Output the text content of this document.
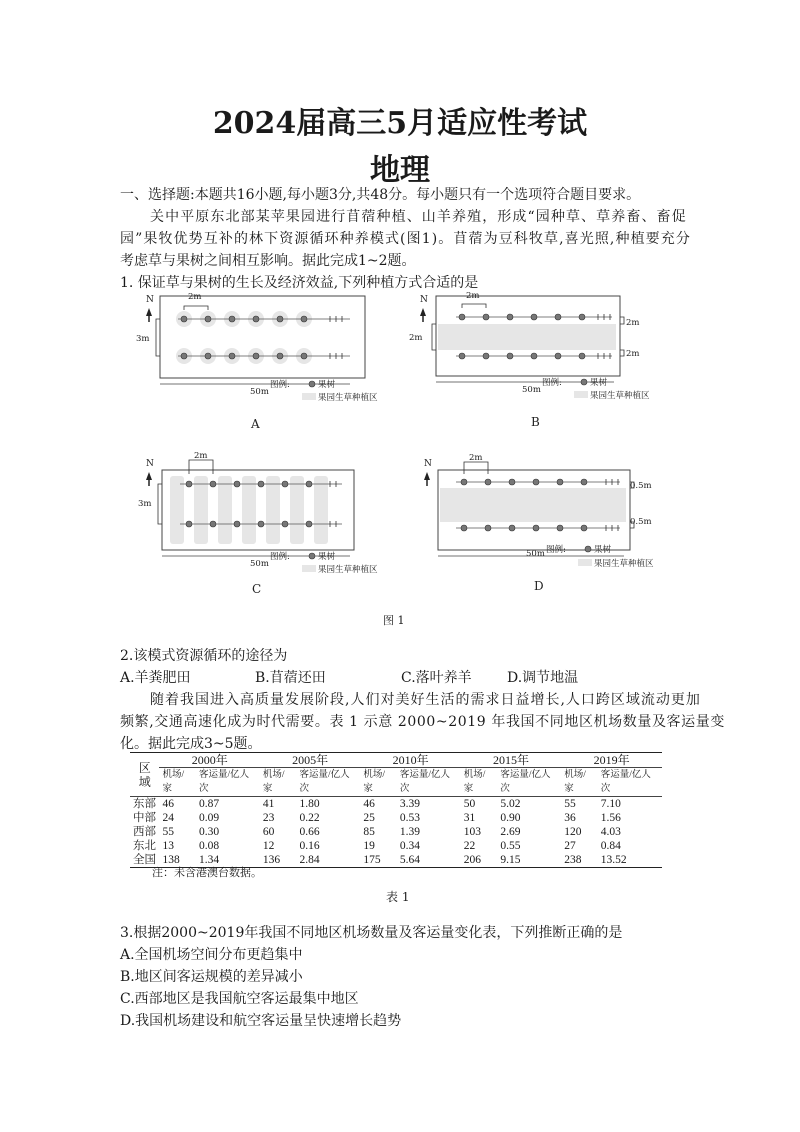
2024届高三5月适应性考试
地理
一、选择题:本题共16小题,每小题3分,共48分。每小题只有一个选项符合题目要求。
关中平原东北部某苹果园进行苜蓿种植、山羊养殖，形成“园种草、草养畜、畜促
园”果牧优势互补的林下资源循环种养模式(图1)。苜蓿为豆科牧草,喜光照,种植要充分
考虑草与果树之间相互影响。据此完成1~2题。
1. 保证草与果树的生长及经济效益,下列种植方式合适的是
N	2m
3m
50m
图例:	果树
果园生草种植区
A
N	2m
2m
2m
2m
50m
图例:	果树
果园生草种植区
B
N
2m
3m
50m
图例:	果树
果园生草种植区
C
N
2m
0.5m
0.5m
50m 图例:	果树
果园生草种植区
D
图 1
2.该模式资源循环的途径为
A.羊粪肥田	B.苜蓿还田	C.落叶养羊	D.调节地温
随着我国进入高质量发展阶段,人们对美好生活的需求日益增长,人口跨区域流动更加
频繁,交通高速化成为时代需要。表 1 示意 2000~2019 年我国不同地区机场数量及客运量变
化。据此完成3~5题。
区域	2000年		2005年		2010年		2015年		2019年	
	机场/家	客运量/亿人次	机场/家	客运量/亿人次	机场/家	客运量/亿人次	机场/家	客运量/亿人次	机场/家	客运量/亿人次
东部	46	0.87	41	1.80	46	3.39	50	5.02	55	7.10
中部	24	0.09	23	0.22	25	0.53	31	0.90	36	1.56
西部	55	0.30	60	0.66	85	1.39	103	2.69	120	4.03
东北	13	0.08	12	0.16	19	0.34	22	0.55	27	0.84
全国	138	1.34	136	2.84	175	5.64	206	9.15	238	13.52
注：未含港澳台数据。
表 1
3.根据2000~2019年我国不同地区机场数量及客运量变化表，下列推断正确的是
A.全国机场空间分布更趋集中
B.地区间客运规模的差异减小
C.西部地区是我国航空客运最集中地区
D.我国机场建设和航空客运量呈快速增长趋势
